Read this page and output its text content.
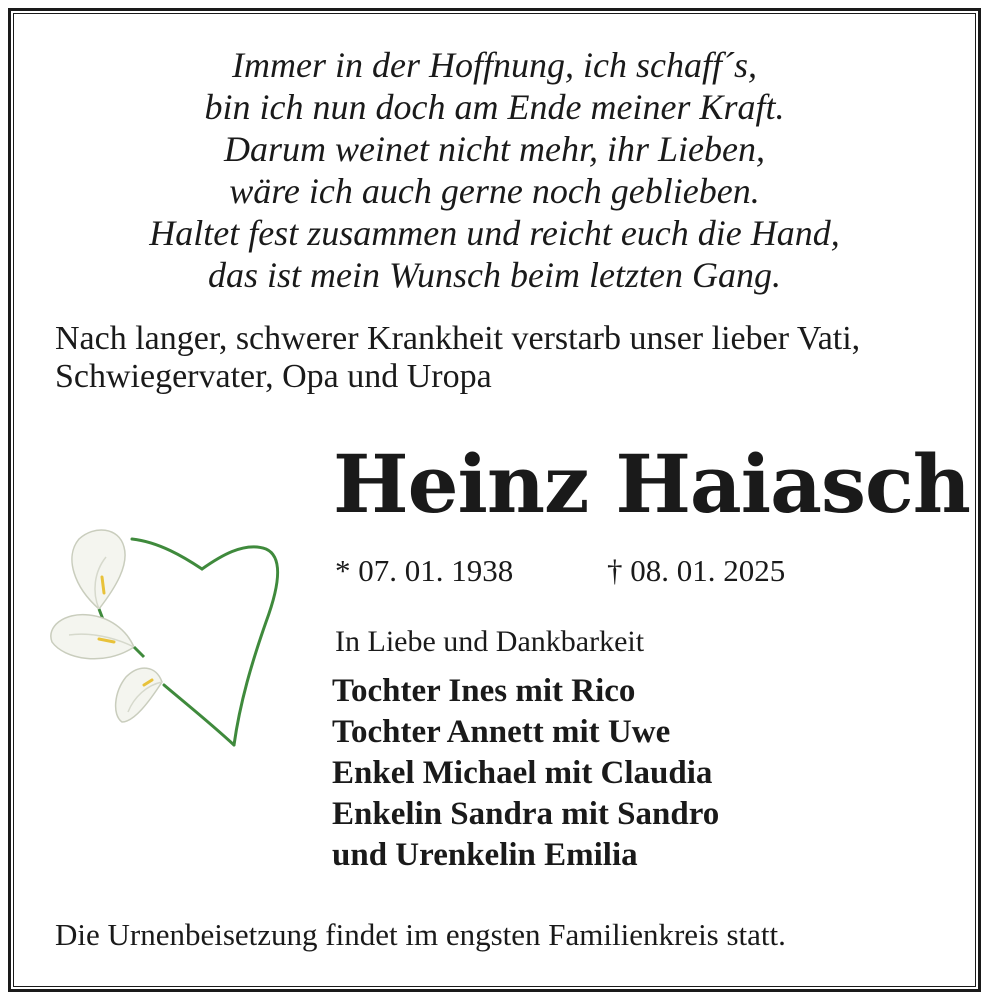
Immer in der Hoffnung, ich schaff´s,
bin ich nun doch am Ende meiner Kraft.
Darum weinet nicht mehr, ihr Lieben,
wäre ich auch gerne noch geblieben.
Haltet fest zusammen und reicht euch die Hand,
das ist mein Wunsch beim letzten Gang.
Nach langer, schwerer Krankheit verstarb unser lieber Vati,
Schwiegervater, Opa und Uropa
Heinz Haiasch
* 07. 01. 1938	† 08. 01. 2025
In Liebe und Dankbarkeit
Tochter Ines mit Rico
Tochter Annett mit Uwe
Enkel Michael mit Claudia
Enkelin Sandra mit Sandro
und Urenkelin Emilia
Die Urnenbeisetzung findet im engsten Familienkreis statt.
